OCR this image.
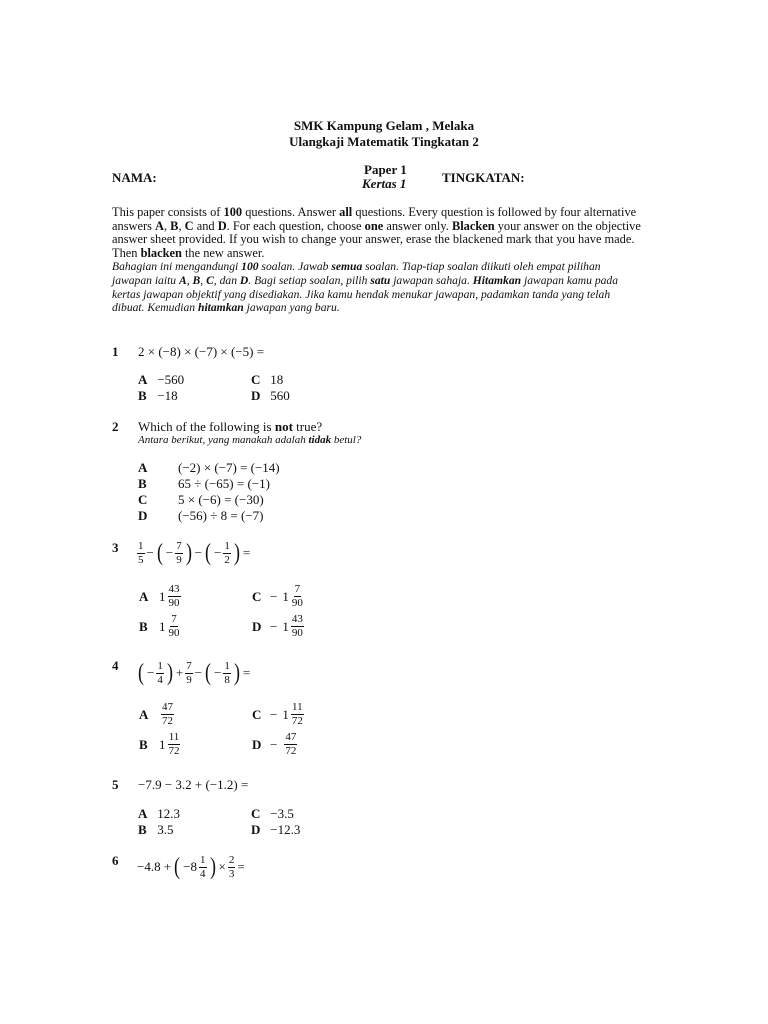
SMK Kampung Gelam , Melaka
Ulangkaji Matematik Tingkatan 2
NAMA:
Paper 1
Kertas 1	TINGKATAN:
This paper consists of 100 questions. Answer all questions. Every question is followed by four alternative
answers A, B, C and D. For each question, choose one answer only. Blacken your answer on the objective
answer sheet provided. If you wish to change your answer, erase the blackened mark that you have made.
Then blacken the new answer.
Bahagian ini mengandungi 100 soalan. Jawab semua soalan. Tiap-tiap soalan diikuti oleh empat pilihan
jawapan iaitu A, B, C, dan D. Bagi setiap soalan, pilih satu jawapan sahaja. Hitamkan jawapan kamu pada
kertas jawapan objektif yang disediakan. Jika kamu hendak menukar jawapan, padamkan tanda yang telah
dibuat. Kemudian hitamkan jawapan yang baru.
1 2 × (−8) × (−7) × (−5) =
A −560
B −18
C 18
D 560
2 Which of the following is not true?
Antara berikut, yang manakah adalah tidak betul?
A (−2) × (−7) = (−14)
B 65 ÷ (−65) = (−1)
C 5 × (−6) = (−30)
D (−56) ÷ 8 = (−7)
$3 \frac{1}{5}$ − ( − $\frac{7}{9}$ ) − ( − $\frac{1}{2}$ ) =
A $1 \frac{43}{90}$
B $1 \frac{7}{90}$
$C - 1 \frac{7}{90}$
$D - 1 \frac{43}{90}$
4 ( − $\frac{1}{4}$ ) + $\frac{7}{9}$ − ( − $\frac{1}{8}$ ) =
A	$\frac{47}{72}$
B $1 \frac{11}{72}$
$C - 1 \frac{11}{72}$
$D - \frac{47}{72}$
5 −7.9 − 3.2 + (−1.2) =
A 12.3
B 3.5
C −3.5
D −12.3
6 −4.8 + ( $-8 \frac{1}{4}$ ) × $\frac{2}{3}$ =
